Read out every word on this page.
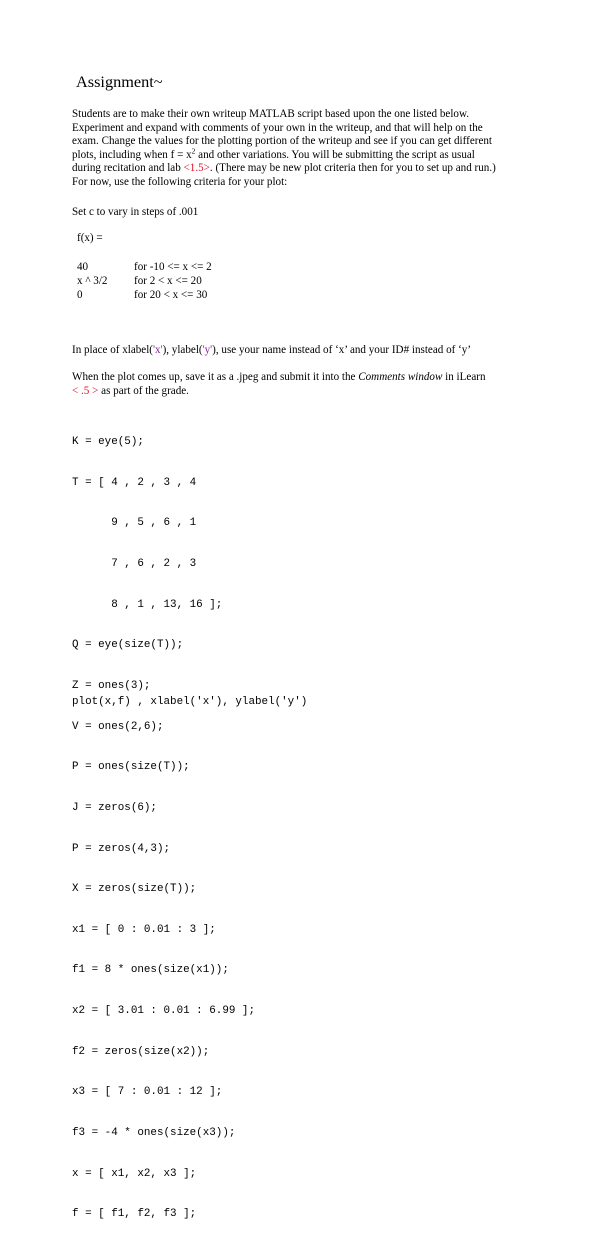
Assignment~
Students are to make their own writeup MATLAB script based upon the one listed below.
Experiment and expand with comments of your own in the writeup, and that will help on the
exam. Change the values for the plotting portion of the writeup and see if you can get different
plots, including when $f = x^2$ and other variations. You will be submitting the script as usual
during recitation and lab <1.5>. (There may be new plot criteria then for you to set up and run.)
For now, use the following criteria for your plot:
Set c to vary in steps of .001
f(x) =
40	for -10 <= x <= 2
x ^ 3/2 for 2 < x <= 20
0	for 20 < x <= 30
In place of xlabel('x'), ylabel('y'), use your name instead of ‘x’ and your ID# instead of ‘y’
When the plot comes up, save it as a .jpeg and submit it into the Comments window in iLearn
< .5 > as part of the grade.

K = eye(5);

T = [ 4 , 2 , 3 , 4

9 , 5 , 6 , 1

7 , 6 , 2 , 3

8 , 1 , 13, 16 ];

Q = eye(size(T));

Z = ones(3);

V = ones(2,6);

P = ones(size(T));

J = zeros(6);

P = zeros(4,3);

X = zeros(size(T));

x1 = [ 0 : 0.01 : 3 ];

f1 = 8 * ones(size(x1));

x2 = [ 3.01 : 0.01 : 6.99 ];

f2 = zeros(size(x2));

x3 = [ 7 : 0.01 : 12 ];

f3 = -4 * ones(size(x3));

x = [ x1, x2, x3 ];

f = [ f1, f2, f3 ];

plot(x,f) , xlabel('x'), ylabel('y')
